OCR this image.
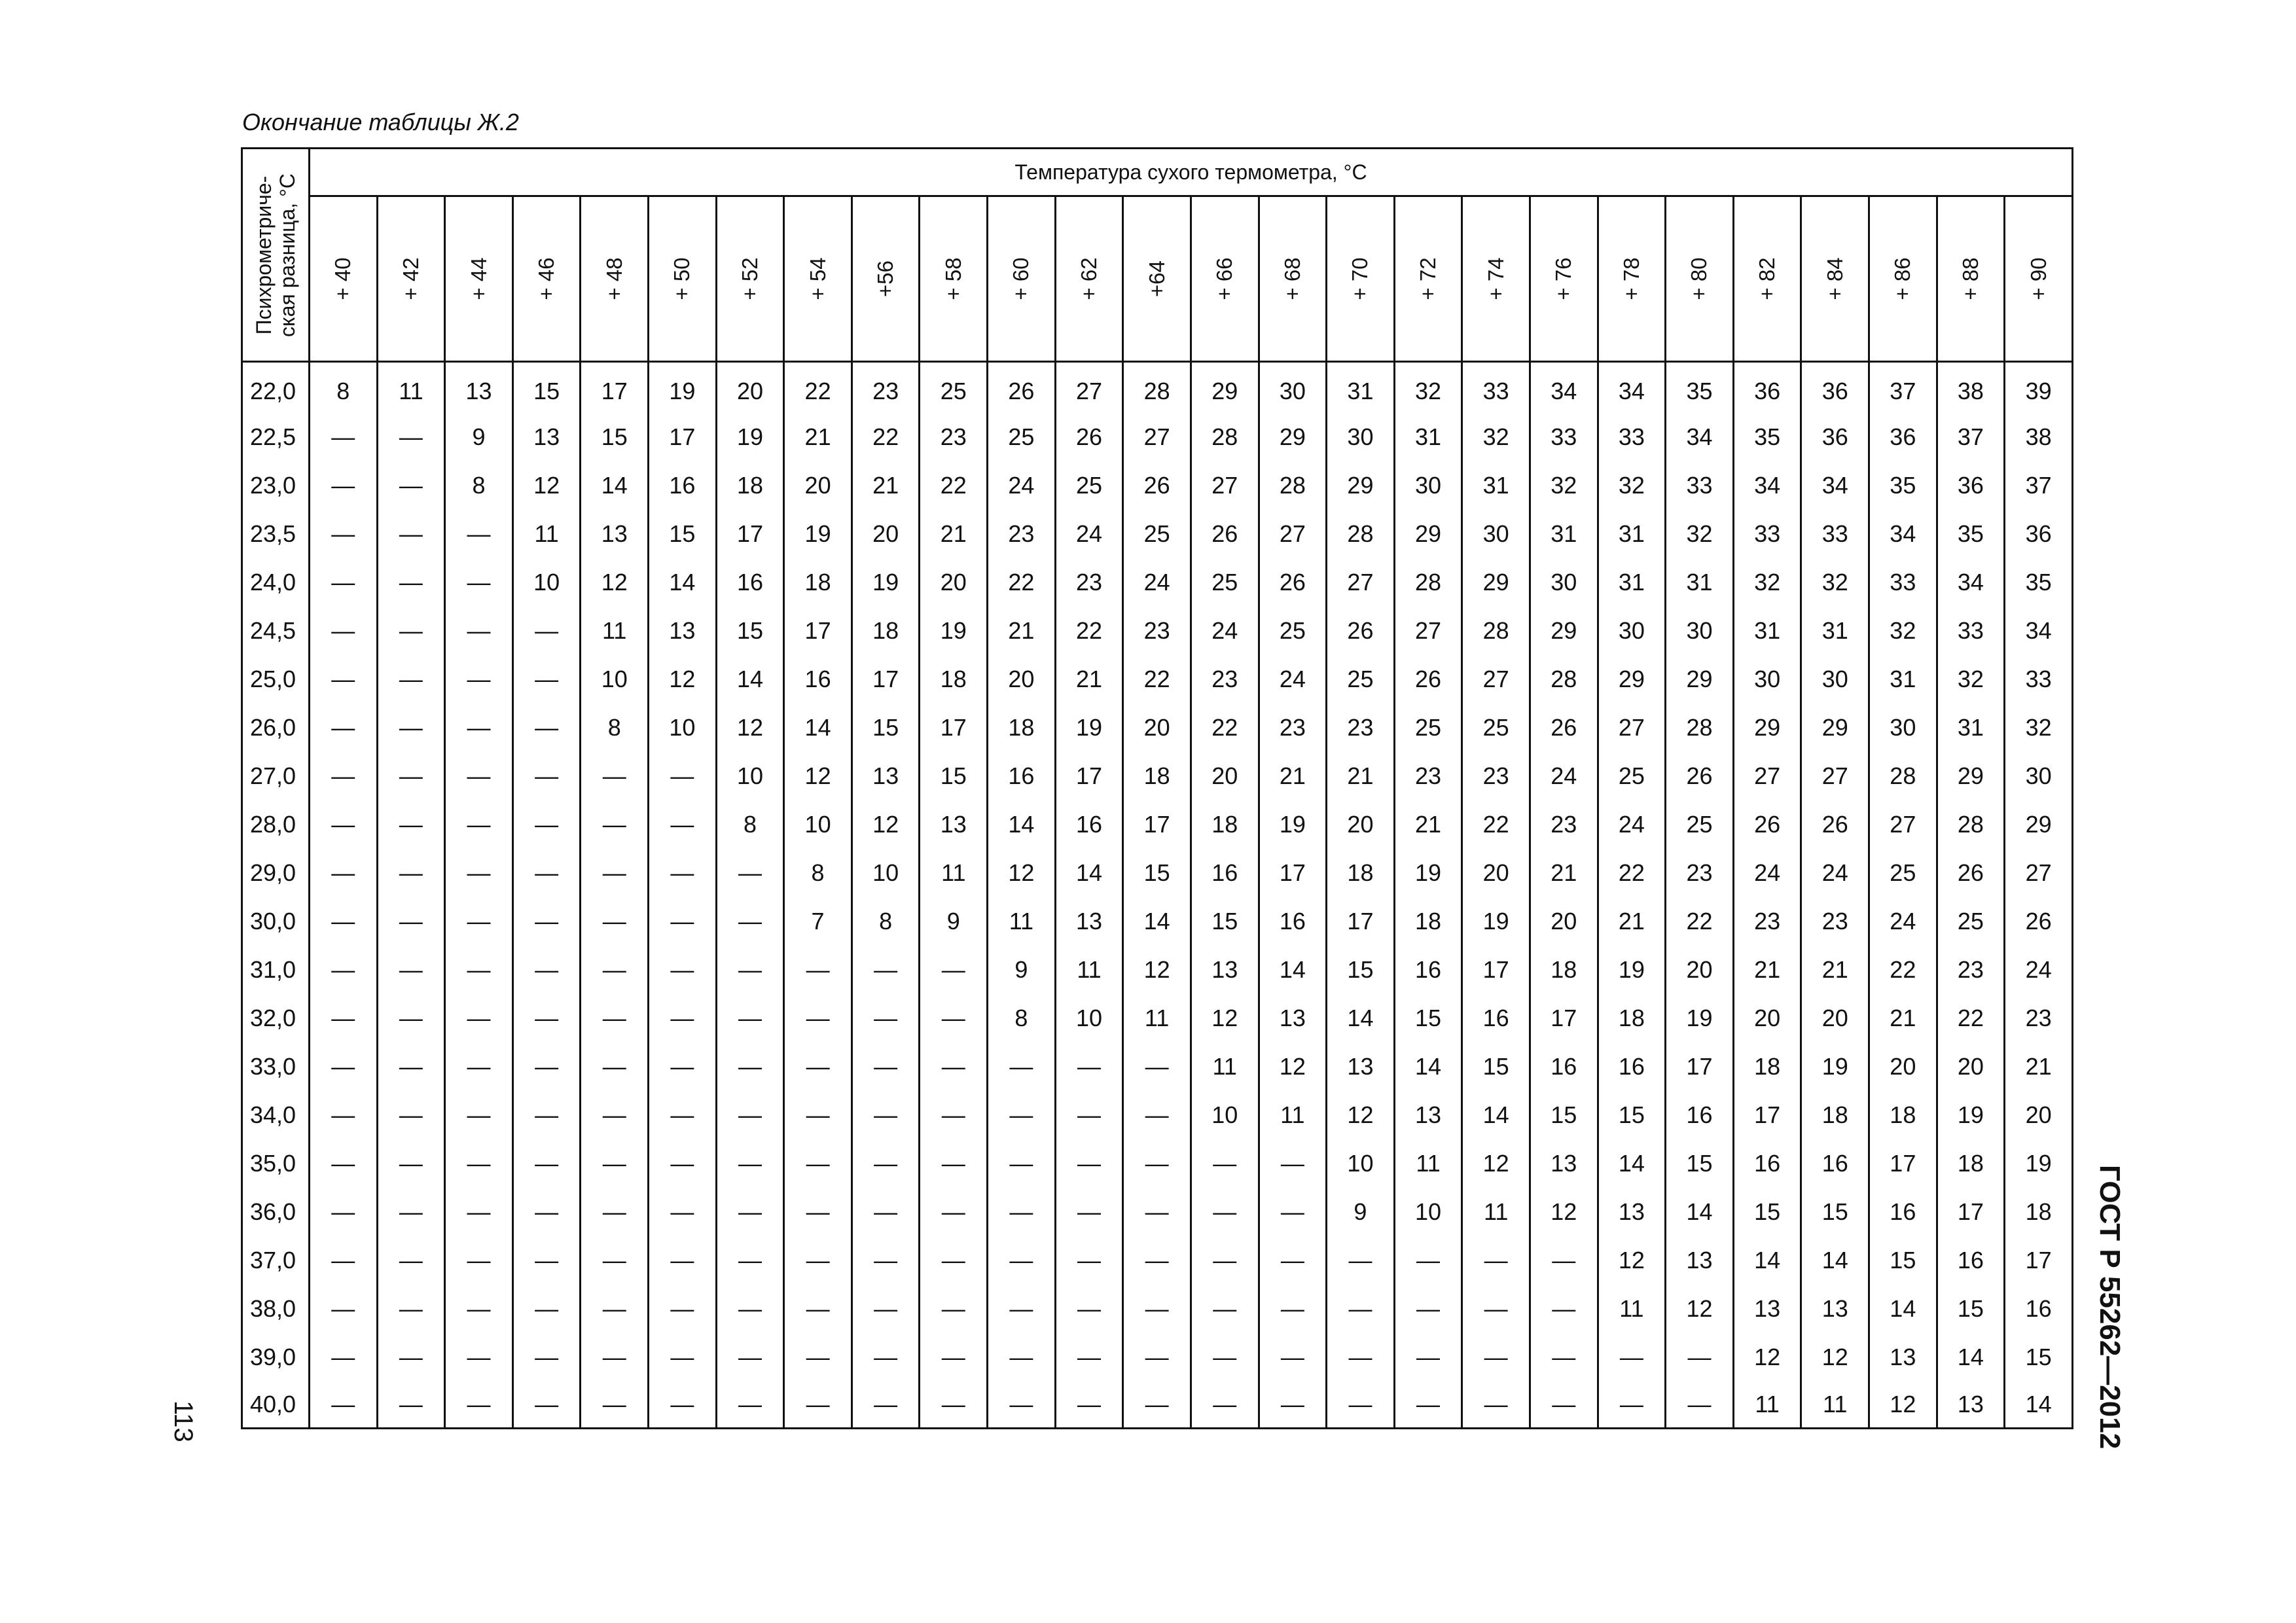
Окончание таблицы Ж.2
Психрометриче-
ская разница, °С	Температура сухого термометра, °С																									

	+ 40	+ 42	+ 44	+ 46	+ 48	+ 50	+ 52	+ 54	+56	+ 58	+ 60	+ 62	+64	+ 66	+ 68	+ 70	+ 72	+ 74	+ 76	+ 78	+ 80	+ 82	+ 84	+ 86	+ 88	+ 90

22,0	8	11	13	15	17	19	20	22	23	25	26	27	28	29	30	31	32	33	34	34	35	36	36	37	38	39
22,5	—	—	9	13	15	17	19	21	22	23	25	26	27	28	29	30	31	32	33	33	34	35	36	36	37	38
23,0	—	—	8	12	14	16	18	20	21	22	24	25	26	27	28	29	30	31	32	32	33	34	34	35	36	37
23,5	—	—	—	11	13	15	17	19	20	21	23	24	25	26	27	28	29	30	31	31	32	33	33	34	35	36
24,0	—	—	—	10	12	14	16	18	19	20	22	23	24	25	26	27	28	29	30	31	31	32	32	33	34	35
24,5	—	—	—	—	11	13	15	17	18	19	21	22	23	24	25	26	27	28	29	30	30	31	31	32	33	34
25,0	—	—	—	—	10	12	14	16	17	18	20	21	22	23	24	25	26	27	28	29	29	30	30	31	32	33
26,0	—	—	—	—	8	10	12	14	15	17	18	19	20	22	23	23	25	25	26	27	28	29	29	30	31	32
27,0	—	—	—	—	—	—	10	12	13	15	16	17	18	20	21	21	23	23	24	25	26	27	27	28	29	30
28,0	—	—	—	—	—	—	8	10	12	13	14	16	17	18	19	20	21	22	23	24	25	26	26	27	28	29
29,0	—	—	—	—	—	—	—	8	10	11	12	14	15	16	17	18	19	20	21	22	23	24	24	25	26	27
30,0	—	—	—	—	—	—	—	7	8	9	11	13	14	15	16	17	18	19	20	21	22	23	23	24	25	26
31,0	—	—	—	—	—	—	—	—	—	—	9	11	12	13	14	15	16	17	18	19	20	21	21	22	23	24
32,0	—	—	—	—	—	—	—	—	—	—	8	10	11	12	13	14	15	16	17	18	19	20	20	21	22	23
33,0	—	—	—	—	—	—	—	—	—	—	—	—	—	11	12	13	14	15	16	16	17	18	19	20	20	21
34,0	—	—	—	—	—	—	—	—	—	—	—	—	—	10	11	12	13	14	15	15	16	17	18	18	19	20
35,0	—	—	—	—	—	—	—	—	—	—	—	—	—	—	—	10	11	12	13	14	15	16	16	17	18	19
36,0	—	—	—	—	—	—	—	—	—	—	—	—	—	—	—	9	10	11	12	13	14	15	15	16	17	18
37,0	—	—	—	—	—	—	—	—	—	—	—	—	—	—	—	—	—	—	—	12	13	14	14	15	16	17
38,0	—	—	—	—	—	—	—	—	—	—	—	—	—	—	—	—	—	—	—	11	12	13	13	14	15	16
39,0	—	—	—	—	—	—	—	—	—	—	—	—	—	—	—	—	—	—	—	—	—	12	12	13	14	15
40,0	—	—	—	—	—	—	—	—	—	—	—	—	—	—	—	—	—	—	—	—	—	11	11	12	13	14 ГОСТ Р 55262—2012
113
